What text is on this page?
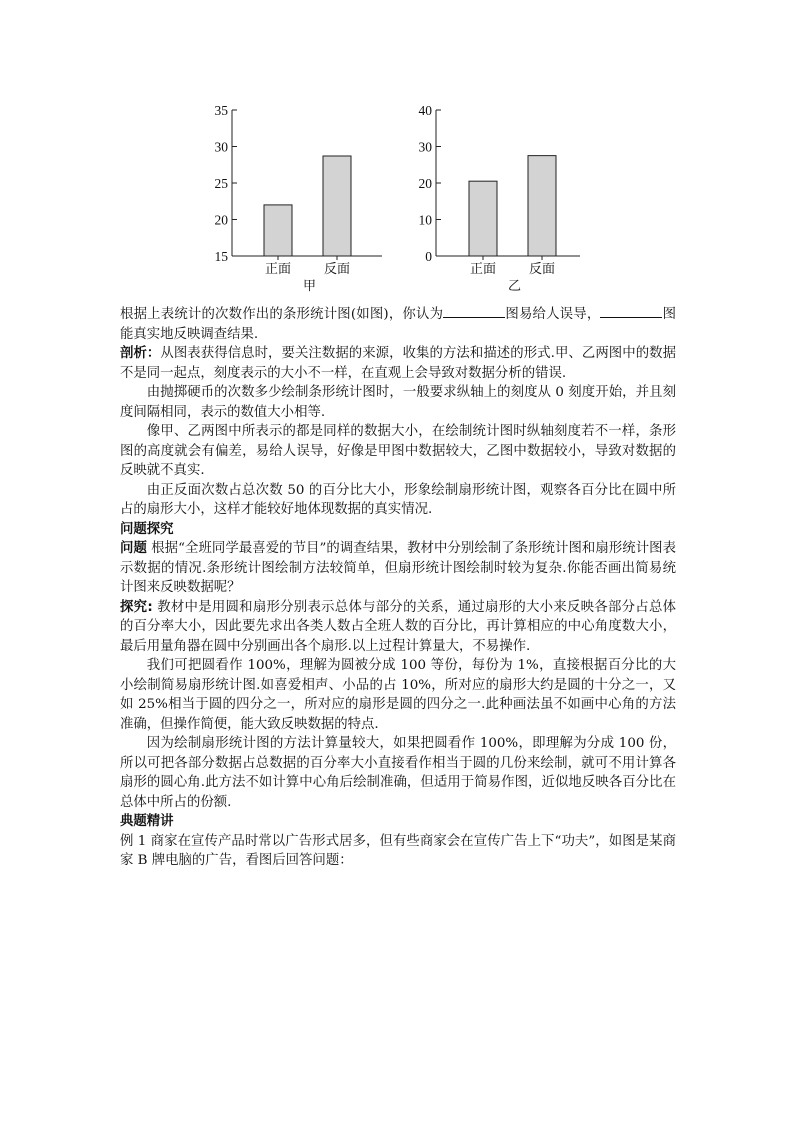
15
20
25
30
35
正面	反面
甲
0
10
20
30
40
正面	反面
乙

根据上表统计的次数作出的条形统计图(如图)，你认为	图易给人误导，	图能真实地反映调查结果.

剖析：从图表获得信息时，要关注数据的来源，收集的方法和描述的形式.甲、乙两图中的数据不是同一起点，刻度表示的大小不一样，在直观上会导致对数据分析的错误.

由抛掷硬币的次数多少绘制条形统计图时，一般要求纵轴上的刻度从 0 刻度开始，并且刻度间隔相同，表示的数值大小相等.

像甲、乙两图中所表示的都是同样的数据大小，在绘制统计图时纵轴刻度若不一样，条形图的高度就会有偏差，易给人误导，好像是甲图中数据较大，乙图中数据较小，导致对数据的反映就不真实.

由正反面次数占总次数 50 的百分比大小，形象绘制扇形统计图，观察各百分比在圆中所占的扇形大小，这样才能较好地体现数据的真实情况.

问题探究

问题 根据“全班同学最喜爱的节目”的调查结果，教材中分别绘制了条形统计图和扇形统计图表示数据的情况.条形统计图绘制方法较简单，但扇形统计图绘制时较为复杂.你能否画出简易统计图来反映数据呢？

探究: 教材中是用圆和扇形分别表示总体与部分的关系，通过扇形的大小来反映各部分占总体的百分率大小，因此要先求出各类人数占全班人数的百分比，再计算相应的中心角度数大小，最后用量角器在圆中分别画出各个扇形.以上过程计算量大，不易操作.

我们可把圆看作 100%，理解为圆被分成 100 等份，每份为 1%，直接根据百分比的大小绘制简易扇形统计图.如喜爱相声、小品的占 10%，所对应的扇形大约是圆的十分之一，又如 25%相当于圆的四分之一，所对应的扇形是圆的四分之一.此种画法虽不如画中心角的方法准确，但操作简便，能大致反映数据的特点.

因为绘制扇形统计图的方法计算量较大，如果把圆看作 100%，即理解为分成 100 份，所以可把各部分数据占总数据的百分率大小直接看作相当于圆的几份来绘制，就可不用计算各扇形的圆心角.此方法不如计算中心角后绘制准确，但适用于简易作图，近似地反映各百分比在总体中所占的份额.

典题精讲

例 1 商家在宣传产品时常以广告形式居多，但有些商家会在宣传广告上下“功夫”，如图是某商家 B 牌电脑的广告，看图后回答问题：
